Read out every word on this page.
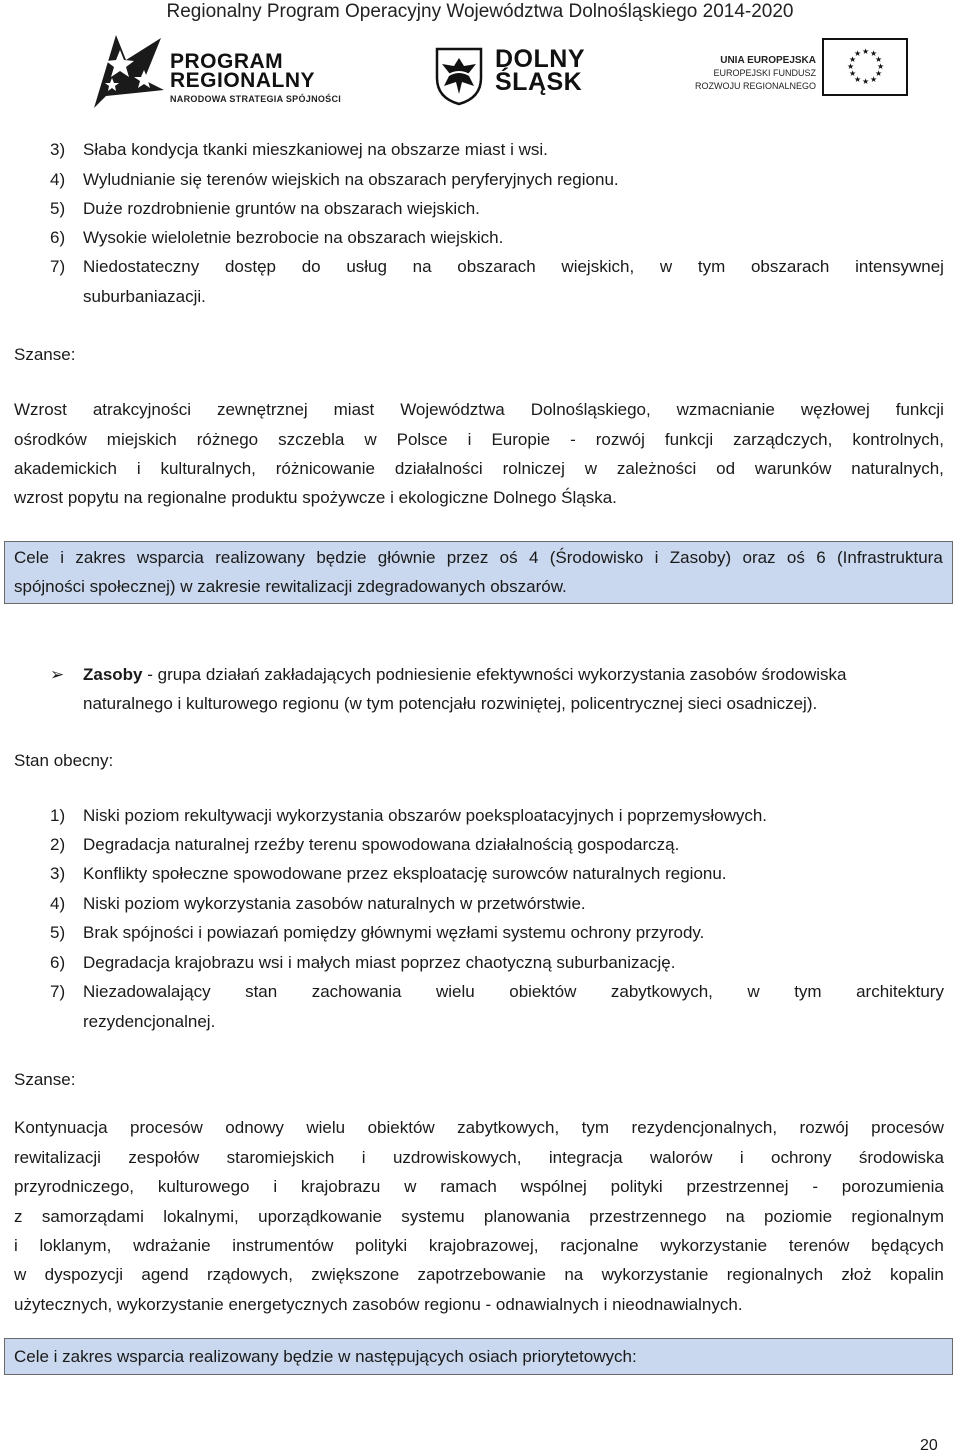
Regionalny Program Operacyjny Województwa Dolnośląskiego 2014-2020
PROGRAM
REGIONALNY
NARODOWA STRATEGIA SPÓJNOŚCI
DOLNY
ŚLĄSK
UNIA EUROPEJSKA
EUROPEJSKI FUNDUSZ
ROZWOJU REGIONALNEGO
★ ★
★
★
★
★
★
★
★
★
★
★
3) Słaba kondycja tkanki mieszkaniowej na obszarze miast i wsi.
4) Wyludnianie się terenów wiejskich na obszarach peryferyjnych regionu.
5) Duże rozdrobnienie gruntów na obszarach wiejskich.
6) Wysokie wieloletnie bezrobocie na obszarach wiejskich.
7) Niedostateczny dostęp do usług na obszarach wiejskich, w tym obszarach intensywnej
suburbaniazacji.
Szanse:
Wzrost atrakcyjności zewnętrznej miast Województwa Dolnośląskiego, wzmacnianie węzłowej funkcji
ośrodków miejskich różnego szczebla w Polsce i Europie - rozwój funkcji zarządczych, kontrolnych,
akademickich i kulturalnych, różnicowanie działalności rolniczej w zależności od warunków naturalnych,
wzrost popytu na regionalne produktu spożywcze i ekologiczne Dolnego Śląska.
Cele i zakres wsparcia realizowany będzie głównie przez oś 4 (Środowisko i Zasoby) oraz oś 6 (Infrastruktura
spójności społecznej) w zakresie rewitalizacji zdegradowanych obszarów.
➢ Zasoby - grupa działań zakładających podniesienie efektywności wykorzystania zasobów środowiska
naturalnego i kulturowego regionu (w tym potencjału rozwiniętej, policentrycznej sieci osadniczej).
Stan obecny:
1) Niski poziom rekultywacji wykorzystania obszarów poeksploatacyjnych i poprzemysłowych.
2) Degradacja naturalnej rzeźby terenu spowodowana działalnością gospodarczą.
3) Konflikty społeczne spowodowane przez eksploatację surowców naturalnych regionu.
4) Niski poziom wykorzystania zasobów naturalnych w przetwórstwie.
5) Brak spójności i powiazań pomiędzy głównymi węzłami systemu ochrony przyrody.
6) Degradacja krajobrazu wsi i małych miast poprzez chaotyczną suburbanizację.
7) Niezadowalający stan zachowania wielu obiektów zabytkowych, w tym architektury
rezydencjonalnej.
Szanse:
Kontynuacja procesów odnowy wielu obiektów zabytkowych, tym rezydencjonalnych, rozwój procesów
rewitalizacji zespołów staromiejskich i uzdrowiskowych, integracja walorów i ochrony środowiska
przyrodniczego, kulturowego i krajobrazu w ramach wspólnej polityki przestrzennej - porozumienia
z samorządami lokalnymi, uporządkowanie systemu planowania przestrzennego na poziomie regionalnym
i loklanym, wdrażanie instrumentów polityki krajobrazowej, racjonalne wykorzystanie terenów będących
w dyspozycji agend rządowych, zwiększone zapotrzebowanie na wykorzystanie regionalnych złoż kopalin
użytecznych, wykorzystanie energetycznych zasobów regionu - odnawialnych i nieodnawialnych.
Cele i zakres wsparcia realizowany będzie w następujących osiach priorytetowych:
20
